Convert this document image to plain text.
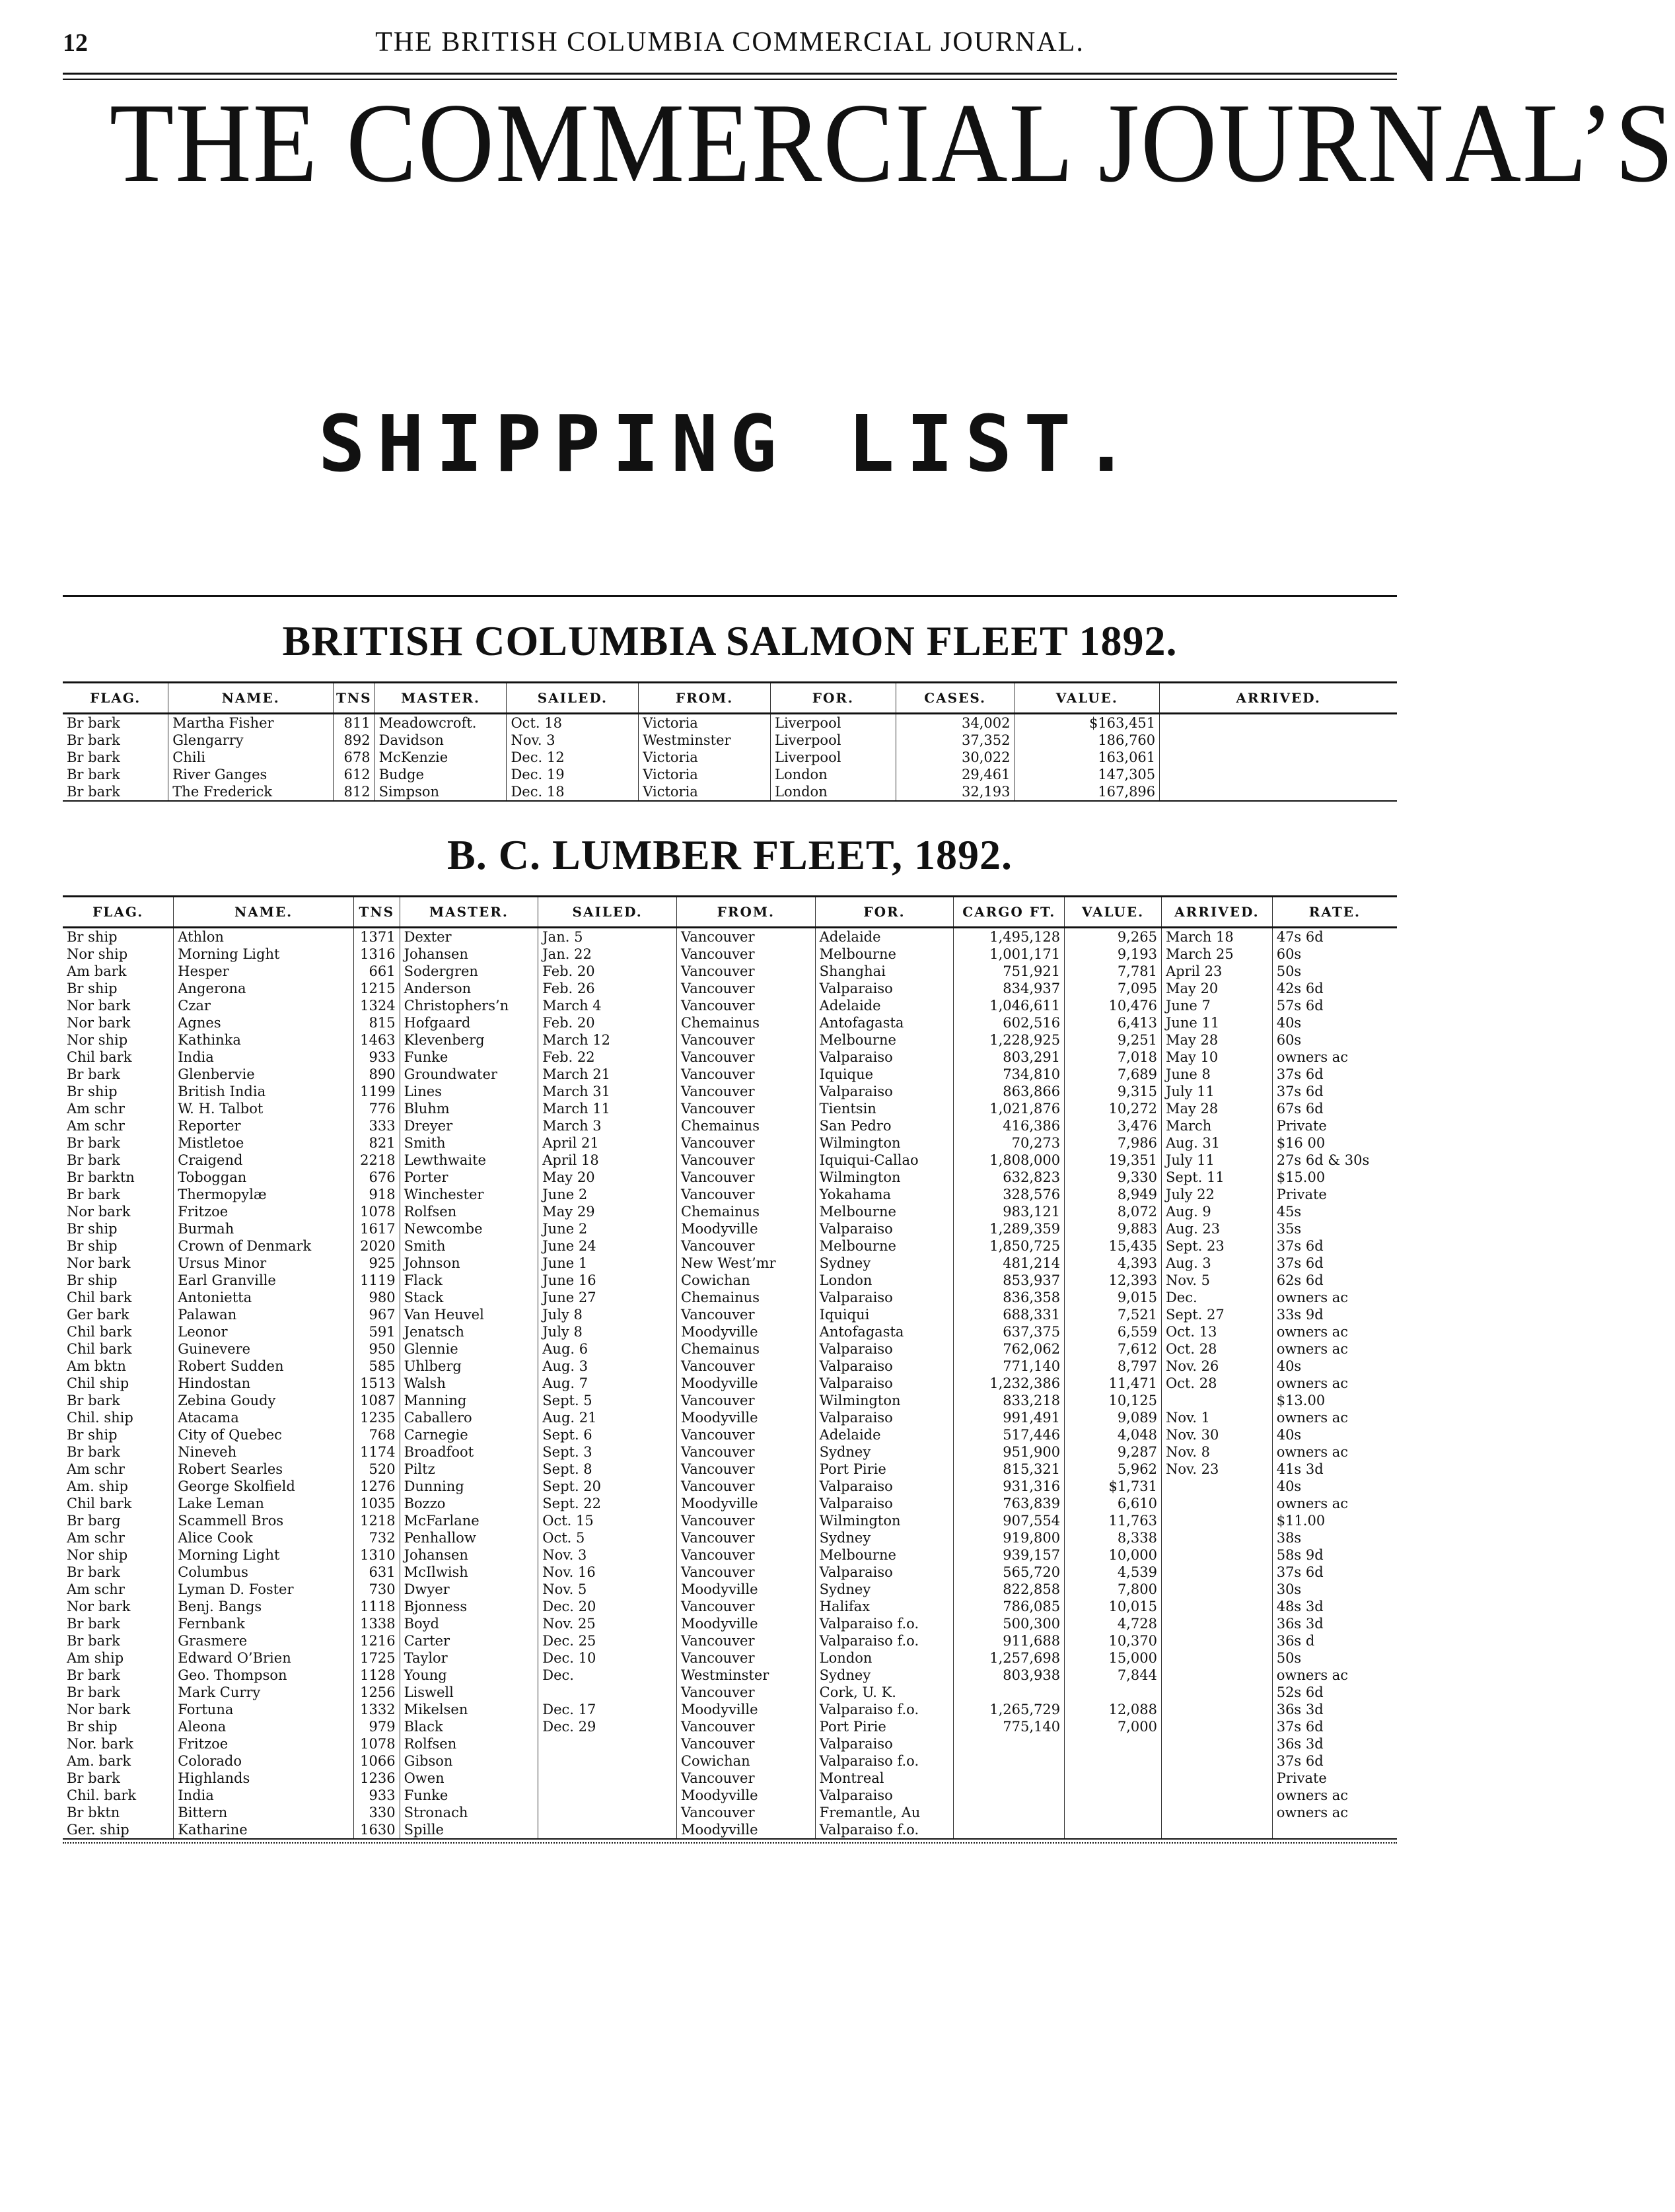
12	THE BRITISH COLUMBIA COMMERCIAL JOURNAL.
THE COMMERCIAL JOURNAL’S
SHIPPING LIST.
BRITISH COLUMBIA SALMON FLEET 1892.
FLAG.	NAME.	TNS	MASTER.	SAILED.	FROM.	FOR.	CASES.	VALUE.	ARRIVED.
Br bark	Martha Fisher	811	Meadowcroft.	Oct. 18	Victoria	Liverpool	34,002	$163,451	
Br bark	Glengarry	892	Davidson	Nov. 3	Westminster	Liverpool	37,352	186,760	
Br bark	Chili	678	McKenzie	Dec. 12	Victoria	Liverpool	30,022	163,061	
Br bark	River Ganges	612	Budge	Dec. 19	Victoria	London	29,461	147,305	
Br bark	The Frederick	812	Simpson	Dec. 18	Victoria	London	32,193	167,896	
B. C. LUMBER FLEET, 1892.
FLAG.	NAME.	TNS	MASTER.	SAILED.	FROM.	FOR.	CARGO FT.	VALUE.	ARRIVED.	RATE.
Br ship	Athlon	1371	Dexter	Jan. 5	Vancouver	Adelaide	1,495,128	9,265	March 18	47s 6d
Nor ship	Morning Light	1316	Johansen	Jan. 22	Vancouver	Melbourne	1,001,171	9,193	March 25	60s
Am bark	Hesper	661	Sodergren	Feb. 20	Vancouver	Shanghai	751,921	7,781	April 23	50s
Br ship	Angerona	1215	Anderson	Feb. 26	Vancouver	Valparaiso	834,937	7,095	May 20	42s 6d
Nor bark	Czar	1324	Christophers’n	March 4	Vancouver	Adelaide	1,046,611	10,476	June 7	57s 6d
Nor bark	Agnes	815	Hofgaard	Feb. 20	Chemainus	Antofagasta	602,516	6,413	June 11	40s
Nor ship	Kathinka	1463	Klevenberg	March 12	Vancouver	Melbourne	1,228,925	9,251	May 28	60s
Chil bark	India	933	Funke	Feb. 22	Vancouver	Valparaiso	803,291	7,018	May 10	owners ac
Br bark	Glenbervie	890	Groundwater	March 21	Vancouver	Iquique	734,810	7,689	June 8	37s 6d
Br ship	British India	1199	Lines	March 31	Vancouver	Valparaiso	863,866	9,315	July 11	37s 6d
Am schr	W. H. Talbot	776	Bluhm	March 11	Vancouver	Tientsin	1,021,876	10,272	May 28	67s 6d
Am schr	Reporter	333	Dreyer	March 3	Chemainus	San Pedro	416,386	3,476	March	Private
Br bark	Mistletoe	821	Smith	April 21	Vancouver	Wilmington	70,273	7,986	Aug. 31	$16 00
Br bark	Craigend	2218	Lewthwaite	April 18	Vancouver	Iquiqui-Callao	1,808,000	19,351	July 11	27s 6d & 30s
Br barktn	Toboggan	676	Porter	May 20	Vancouver	Wilmington	632,823	9,330	Sept. 11	$15.00
Br bark	Thermopylæ	918	Winchester	June 2	Vancouver	Yokahama	328,576	8,949	July 22	Private
Nor bark	Fritzoe	1078	Rolfsen	May 29	Chemainus	Melbourne	983,121	8,072	Aug. 9	45s
Br ship	Burmah	1617	Newcombe	June 2	Moodyville	Valparaiso	1,289,359	9,883	Aug. 23	35s
Br ship	Crown of Denmark	2020	Smith	June 24	Vancouver	Melbourne	1,850,725	15,435	Sept. 23	37s 6d
Nor bark	Ursus Minor	925	Johnson	June 1	New West’mr	Sydney	481,214	4,393	Aug. 3	37s 6d
Br ship	Earl Granville	1119	Flack	June 16	Cowichan	London	853,937	12,393	Nov. 5	62s 6d
Chil bark	Antonietta	980	Stack	June 27	Chemainus	Valparaiso	836,358	9,015	Dec.	owners ac
Ger bark	Palawan	967	Van Heuvel	July 8	Vancouver	Iquiqui	688,331	7,521	Sept. 27	33s 9d
Chil bark	Leonor	591	Jenatsch	July 8	Moodyville	Antofagasta	637,375	6,559	Oct. 13	owners ac
Chil bark	Guinevere	950	Glennie	Aug. 6	Chemainus	Valparaiso	762,062	7,612	Oct. 28	owners ac
Am bktn	Robert Sudden	585	Uhlberg	Aug. 3	Vancouver	Valparaiso	771,140	8,797	Nov. 26	40s
Chil ship	Hindostan	1513	Walsh	Aug. 7	Moodyville	Valparaiso	1,232,386	11,471	Oct. 28	owners ac
Br bark	Zebina Goudy	1087	Manning	Sept. 5	Vancouver	Wilmington	833,218	10,125		$13.00
Chil. ship	Atacama	1235	Caballero	Aug. 21	Moodyville	Valparaiso	991,491	9,089	Nov. 1	owners ac
Br ship	City of Quebec	768	Carnegie	Sept. 6	Vancouver	Adelaide	517,446	4,048	Nov. 30	40s
Br bark	Nineveh	1174	Broadfoot	Sept. 3	Vancouver	Sydney	951,900	9,287	Nov. 8	owners ac
Am schr	Robert Searles	520	Piltz	Sept. 8	Vancouver	Port Pirie	815,321	5,962	Nov. 23	41s 3d
Am. ship	George Skolfield	1276	Dunning	Sept. 20	Vancouver	Valparaiso	931,316	$1,731		40s
Chil bark	Lake Leman	1035	Bozzo	Sept. 22	Moodyville	Valparaiso	763,839	6,610		owners ac
Br barg	Scammell Bros	1218	McFarlane	Oct. 15	Vancouver	Wilmington	907,554	11,763		$11.00
Am schr	Alice Cook	732	Penhallow	Oct. 5	Vancouver	Sydney	919,800	8,338		38s
Nor ship	Morning Light	1310	Johansen	Nov. 3	Vancouver	Melbourne	939,157	10,000		58s 9d
Br bark	Columbus	631	McIlwish	Nov. 16	Vancouver	Valparaiso	565,720	4,539		37s 6d
Am schr	Lyman D. Foster	730	Dwyer	Nov. 5	Moodyville	Sydney	822,858	7,800		30s
Nor bark	Benj. Bangs	1118	Bjonness	Dec. 20	Vancouver	Halifax	786,085	10,015		48s 3d
Br bark	Fernbank	1338	Boyd	Nov. 25	Moodyville	Valparaiso f.o.	500,300	4,728		36s 3d
Br bark	Grasmere	1216	Carter	Dec. 25	Vancouver	Valparaiso f.o.	911,688	10,370		36s d
Am ship	Edward O’Brien	1725	Taylor	Dec. 10	Vancouver	London	1,257,698	15,000		50s
Br bark	Geo. Thompson	1128	Young	Dec.	Westminster	Sydney	803,938	7,844		owners ac
Br bark	Mark Curry	1256	Liswell		Vancouver	Cork, U. K.				52s 6d
Nor bark	Fortuna	1332	Mikelsen	Dec. 17	Moodyville	Valparaiso f.o.	1,265,729	12,088		36s 3d
Br ship	Aleona	979	Black	Dec. 29	Vancouver	Port Pirie	775,140	7,000		37s 6d
Nor. bark	Fritzoe	1078	Rolfsen		Vancouver	Valparaiso				36s 3d
Am. bark	Colorado	1066	Gibson		Cowichan	Valparaiso f.o.				37s 6d
Br bark	Highlands	1236	Owen		Vancouver	Montreal				Private
Chil. bark	India	933	Funke		Moodyville	Valparaiso				owners ac
Br bktn	Bittern	330	Stronach		Vancouver	Fremantle, Au				owners ac
Ger. ship	Katharine	1630	Spille		Moodyville	Valparaiso f.o.				
